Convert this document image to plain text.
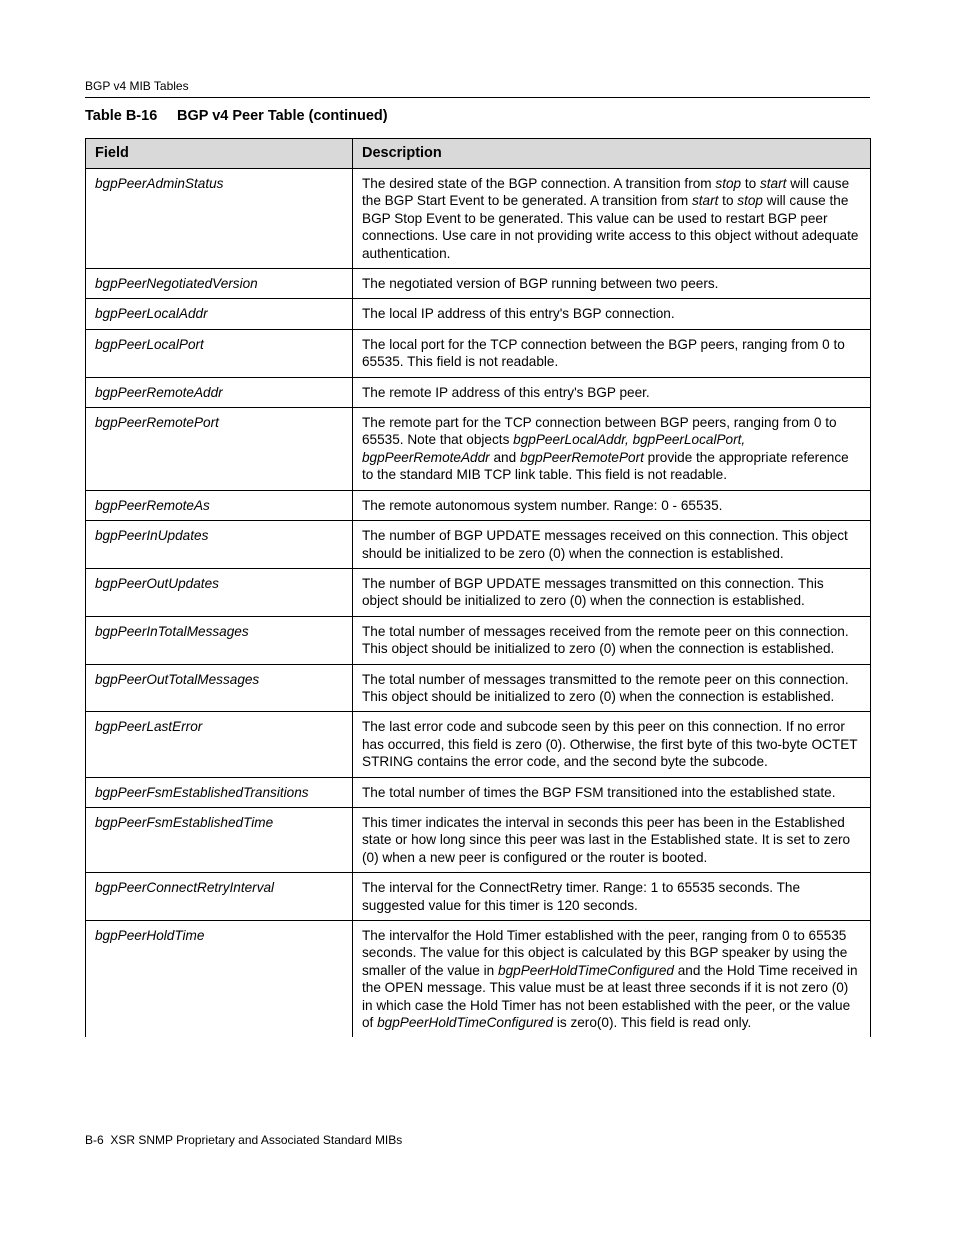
BGP v4 MIB Tables
Table B-16 BGP v4 Peer Table (continued)
Field	Description
bgpPeerAdminStatus	The desired state of the BGP connection. A transition from stop to start will cause the BGP Start Event to be generated. A transition from start to stop will cause the BGP Stop Event to be generated. This value can be used to restart BGP peer connections. Use care in not providing write access to this object without adequate authentication.
bgpPeerNegotiatedVersion	The negotiated version of BGP running between two peers.
bgpPeerLocalAddr	The local IP address of this entry's BGP connection.
bgpPeerLocalPort	The local port for the TCP connection between the BGP peers, ranging from 0 to 65535. This field is not readable.
bgpPeerRemoteAddr	The remote IP address of this entry's BGP peer.
bgpPeerRemotePort	The remote part for the TCP connection between BGP peers, ranging from 0 to 65535. Note that objects bgpPeerLocalAddr, bgpPeerLocalPort, bgpPeerRemoteAddr and bgpPeerRemotePort provide the appropriate reference to the standard MIB TCP link table. This field is not readable.
bgpPeerRemoteAs	The remote autonomous system number. Range: 0 - 65535.
bgpPeerInUpdates	The number of BGP UPDATE messages received on this connection. This object should be initialized to be zero (0) when the connection is established.
bgpPeerOutUpdates	The number of BGP UPDATE messages transmitted on this connection. This object should be initialized to zero (0) when the connection is established.
bgpPeerInTotalMessages	The total number of messages received from the remote peer on this connection. This object should be initialized to zero (0) when the connection is established.
bgpPeerOutTotalMessages	The total number of messages transmitted to the remote peer on this connection. This object should be initialized to zero (0) when the connection is established.
bgpPeerLastError	The last error code and subcode seen by this peer on this connection. If no error has occurred, this field is zero (0). Otherwise, the first byte of this two-byte OCTET STRING contains the error code, and the second byte the subcode.
bgpPeerFsmEstablishedTransitions	The total number of times the BGP FSM transitioned into the established state.
bgpPeerFsmEstablishedTime	This timer indicates the interval in seconds this peer has been in the Established state or how long since this peer was last in the Established state. It is set to zero (0) when a new peer is configured or the router is booted.
bgpPeerConnectRetryInterval	The interval for the ConnectRetry timer. Range: 1 to 65535 seconds. The suggested value for this timer is 120 seconds.
bgpPeerHoldTime	The intervalfor the Hold Timer established with the peer, ranging from 0 to 65535 seconds. The value for this object is calculated by this BGP speaker by using the smaller of the value in bgpPeerHoldTimeConfigured and the Hold Time received in the OPEN message. This value must be at least three seconds if it is not zero (0) in which case the Hold Timer has not been established with the peer, or the value of bgpPeerHoldTimeConfigured is zero(0). This field is read only.
B-6 XSR SNMP Proprietary and Associated Standard MIBs
